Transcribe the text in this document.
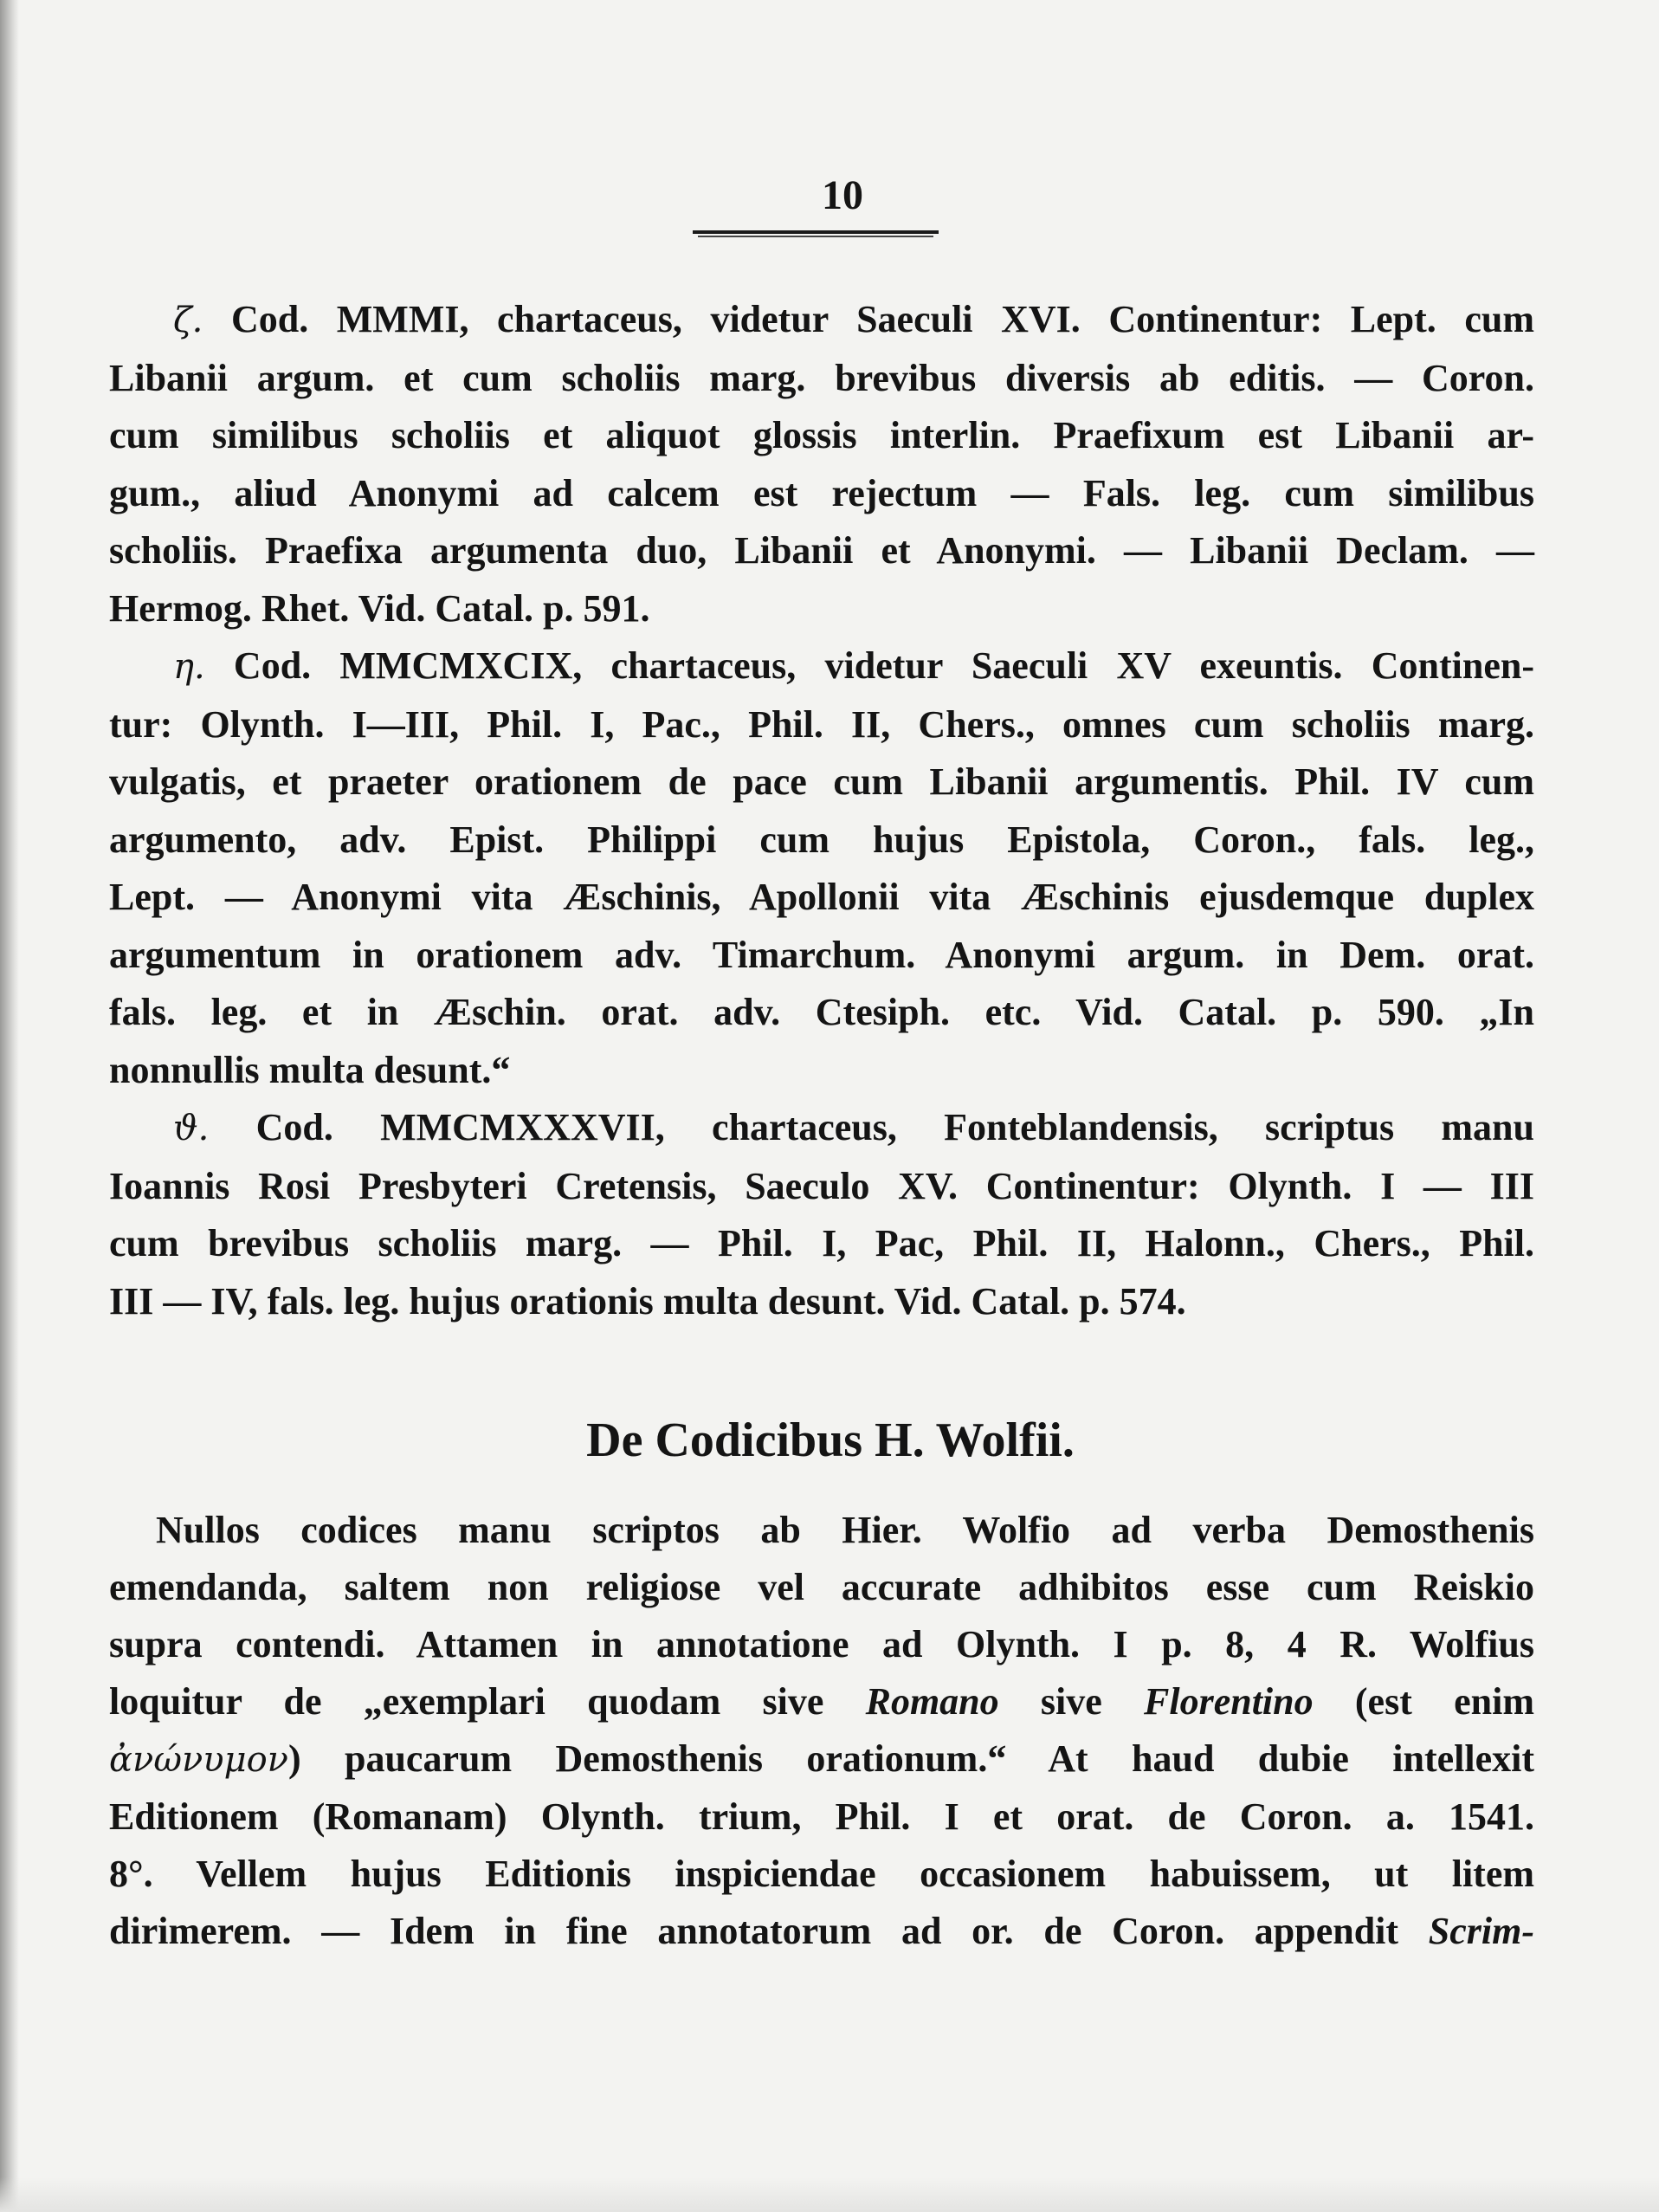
10

ζ. Cod. MMMI, chartaceus, videtur Saeculi XVI. Continentur: Lept. cum

Libanii argum. et cum scholiis marg. brevibus diversis ab editis. — Coron.

cum similibus scholiis et aliquot glossis interlin. Praefixum est Libanii ar-

gum., aliud Anonymi ad calcem est rejectum — Fals. leg. cum similibus

scholiis. Praefixa argumenta duo, Libanii et Anonymi. — Libanii Declam. —

Hermog. Rhet. Vid. Catal. p. 591.

η. Cod. MMCMXCIX, chartaceus, videtur Saeculi XV exeuntis. Continen-

tur: Olynth. I—III, Phil. I, Pac., Phil. II, Chers., omnes cum scholiis marg.

vulgatis, et praeter orationem de pace cum Libanii argumentis. Phil. IV cum

argumento, adv. Epist. Philippi cum hujus Epistola, Coron., fals. leg.,

Lept. — Anonymi vita Æschinis, Apollonii vita Æschinis ejusdemque duplex

argumentum in orationem adv. Timarchum. Anonymi argum. in Dem. orat.

fals. leg. et in Æschin. orat. adv. Ctesiph. etc. Vid. Catal. p. 590. „In

nonnullis multa desunt.“

ϑ. Cod. MMCMXXXVII, chartaceus, Fonteblandensis, scriptus manu

Ioannis Rosi Presbyteri Cretensis, Saeculo XV. Continentur: Olynth. I — III

cum brevibus scholiis marg. — Phil. I, Pac, Phil. II, Halonn., Chers., Phil.

III — IV, fals. leg. hujus orationis multa desunt. Vid. Catal. p. 574.

De Codicibus H. Wolfii.

Nullos codices manu scriptos ab Hier. Wolfio ad verba Demosthenis

emendanda, saltem non religiose vel accurate adhibitos esse cum Reiskio

supra contendi. Attamen in annotatione ad Olynth. I p. 8, 4 R. Wolfius

loquitur de „exemplari quodam sive Romano sive Florentino (est enim

ἀνώνυμον) paucarum Demosthenis orationum.“ At haud dubie intellexit

Editionem (Romanam) Olynth. trium, Phil. I et orat. de Coron. a. 1541.

8°. Vellem hujus Editionis inspiciendae occasionem habuissem, ut litem

dirimerem. — Idem in fine annotatorum ad or. de Coron. appendit Scrim-
